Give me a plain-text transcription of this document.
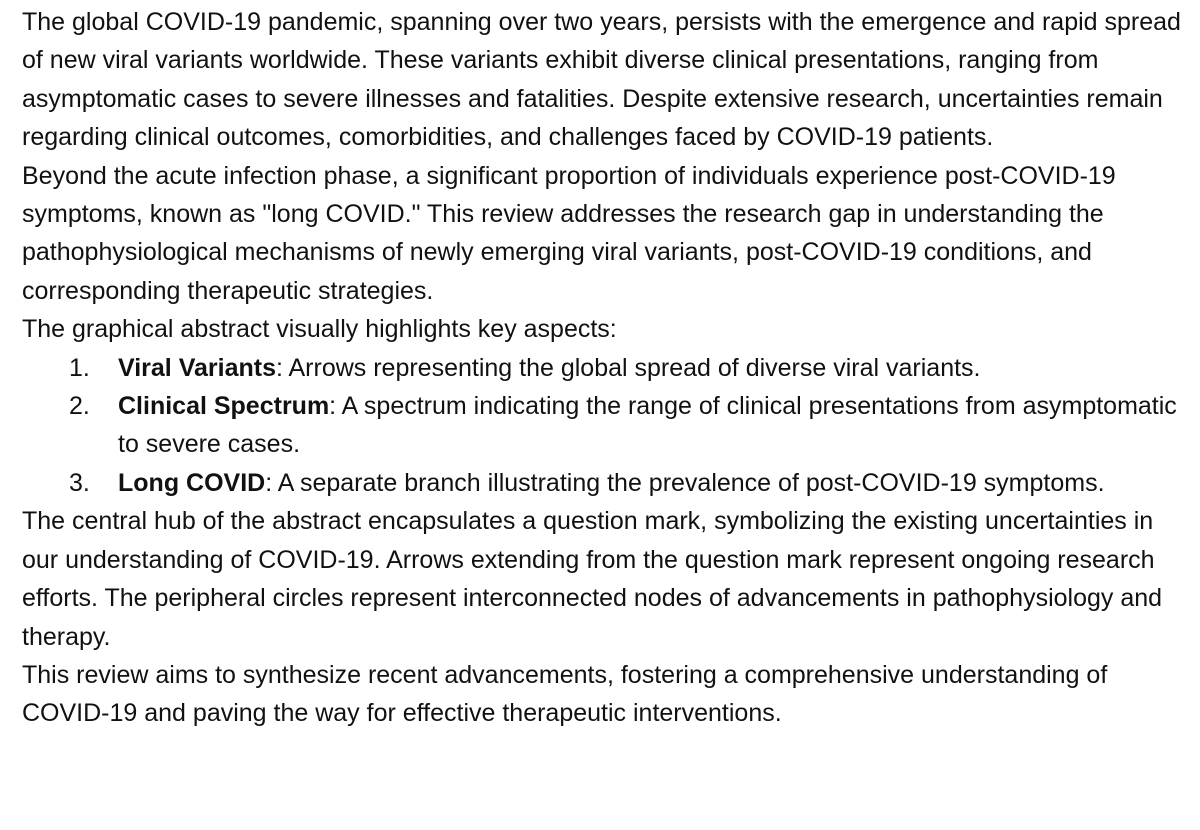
The global COVID-19 pandemic, spanning over two years, persists with the emergence and rapid spread of new viral variants worldwide. These variants exhibit diverse clinical presentations, ranging from asymptomatic cases to severe illnesses and fatalities. Despite extensive research, uncertainties remain regarding clinical outcomes, comorbidities, and challenges faced by COVID-19 patients.

Beyond the acute infection phase, a significant proportion of individuals experience post-COVID-19 symptoms, known as "long COVID." This review addresses the research gap in understanding the pathophysiological mechanisms of newly emerging viral variants, post-COVID-19 conditions, and corresponding therapeutic strategies.

The graphical abstract visually highlights key aspects:

1. Viral Variants: Arrows representing the global spread of diverse viral variants.
2. Clinical Spectrum: A spectrum indicating the range of clinical presentations from asymptomatic to severe cases.
3. Long COVID: A separate branch illustrating the prevalence of post-COVID-19 symptoms.

The central hub of the abstract encapsulates a question mark, symbolizing the existing uncertainties in our understanding of COVID-19. Arrows extending from the question mark represent ongoing research efforts. The peripheral circles represent interconnected nodes of advancements in pathophysiology and therapy.

This review aims to synthesize recent advancements, fostering a comprehensive understanding of COVID-19 and paving the way for effective therapeutic interventions.
